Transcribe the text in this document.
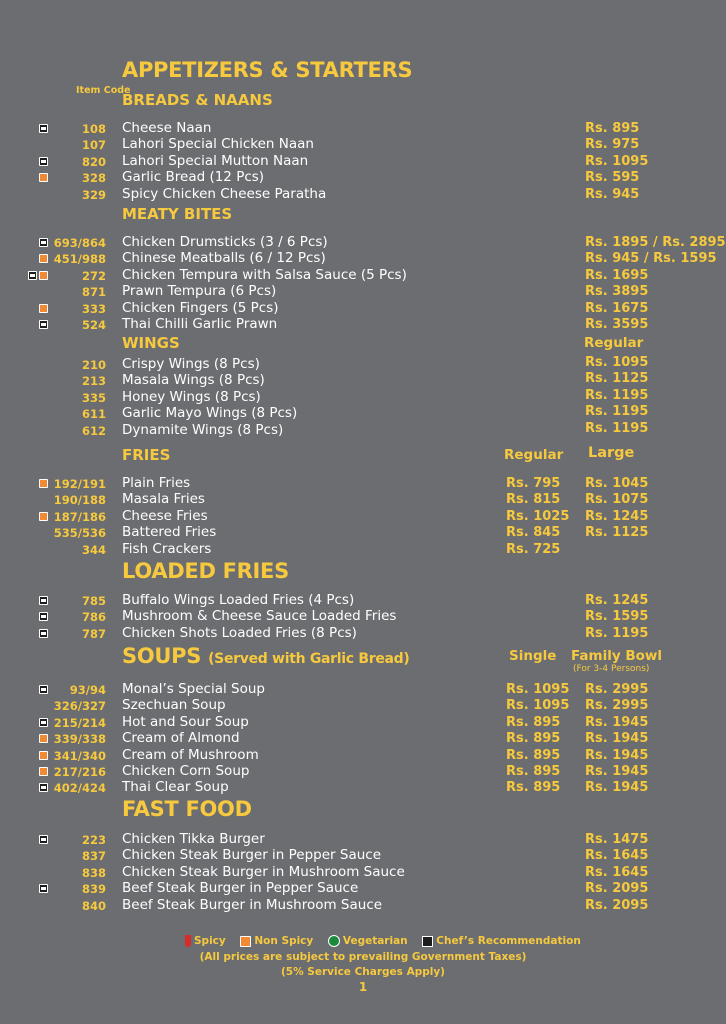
APPETIZERS & STARTERS
Item Code
BREADS & NAANS
108 Cheese Naan	Rs. 895
107 Lahori Special Chicken Naan	Rs. 975
820 Lahori Special Mutton Naan	Rs. 1095
328 Garlic Bread (12 Pcs)	Rs. 595
329 Spicy Chicken Cheese Paratha	Rs. 945
MEATY BITES
693/864 Chicken Drumsticks (3 / 6 Pcs)	Rs. 1895 / Rs. 2895
451/988 Chinese Meatballs (6 / 12 Pcs)	Rs. 945 / Rs. 1595
272 Chicken Tempura with Salsa Sauce (5 Pcs)	Rs. 1695
871 Prawn Tempura (6 Pcs)	Rs. 3895
333 Chicken Fingers (5 Pcs)	Rs. 1675
524 Thai Chilli Garlic Prawn	Rs. 3595
WINGS	Regular
210 Crispy Wings (8 Pcs)	Rs. 1095
213 Masala Wings (8 Pcs)	Rs. 1125
335 Honey Wings (8 Pcs)	Rs. 1195
611 Garlic Mayo Wings (8 Pcs)	Rs. 1195
612 Dynamite Wings (8 Pcs)	Rs. 1195
FRIES	Regular Large
192/191 Plain Fries	Rs. 795 Rs. 1045
190/188 Masala Fries	Rs. 815 Rs. 1075
187/186 Cheese Fries	Rs. 1025 Rs. 1245
535/536 Battered Fries	Rs. 845 Rs. 1125
344 Fish Crackers	Rs. 725
LOADED FRIES
785 Buffalo Wings Loaded Fries (4 Pcs)	Rs. 1245
786 Mushroom & Cheese Sauce Loaded Fries	Rs. 1595
787 Chicken Shots Loaded Fries (8 Pcs)	Rs. 1195
SOUPS (Served with Garlic Bread)	Single Family Bowl
(For 3-4 Persons)
93/94 Monal’s Special Soup	Rs. 1095 Rs. 2995
326/327 Szechuan Soup	Rs. 1095 Rs. 2995
215/214 Hot and Sour Soup	Rs. 895 Rs. 1945
339/338 Cream of Almond	Rs. 895 Rs. 1945
341/340 Cream of Mushroom	Rs. 895 Rs. 1945
217/216 Chicken Corn Soup	Rs. 895 Rs. 1945
402/424 Thai Clear Soup	Rs. 895 Rs. 1945
FAST FOOD
223 Chicken Tikka Burger	Rs. 1475
837 Chicken Steak Burger in Pepper Sauce	Rs. 1645
838 Chicken Steak Burger in Mushroom Sauce	Rs. 1645
839 Beef Steak Burger in Pepper Sauce	Rs. 2095
840 Beef Steak Burger in Mushroom Sauce	Rs. 2095
Spicy	Non Spicy	Vegetarian	Chef’s Recommendation
(All prices are subject to prevailing Government Taxes)
(5% Service Charges Apply)
1
